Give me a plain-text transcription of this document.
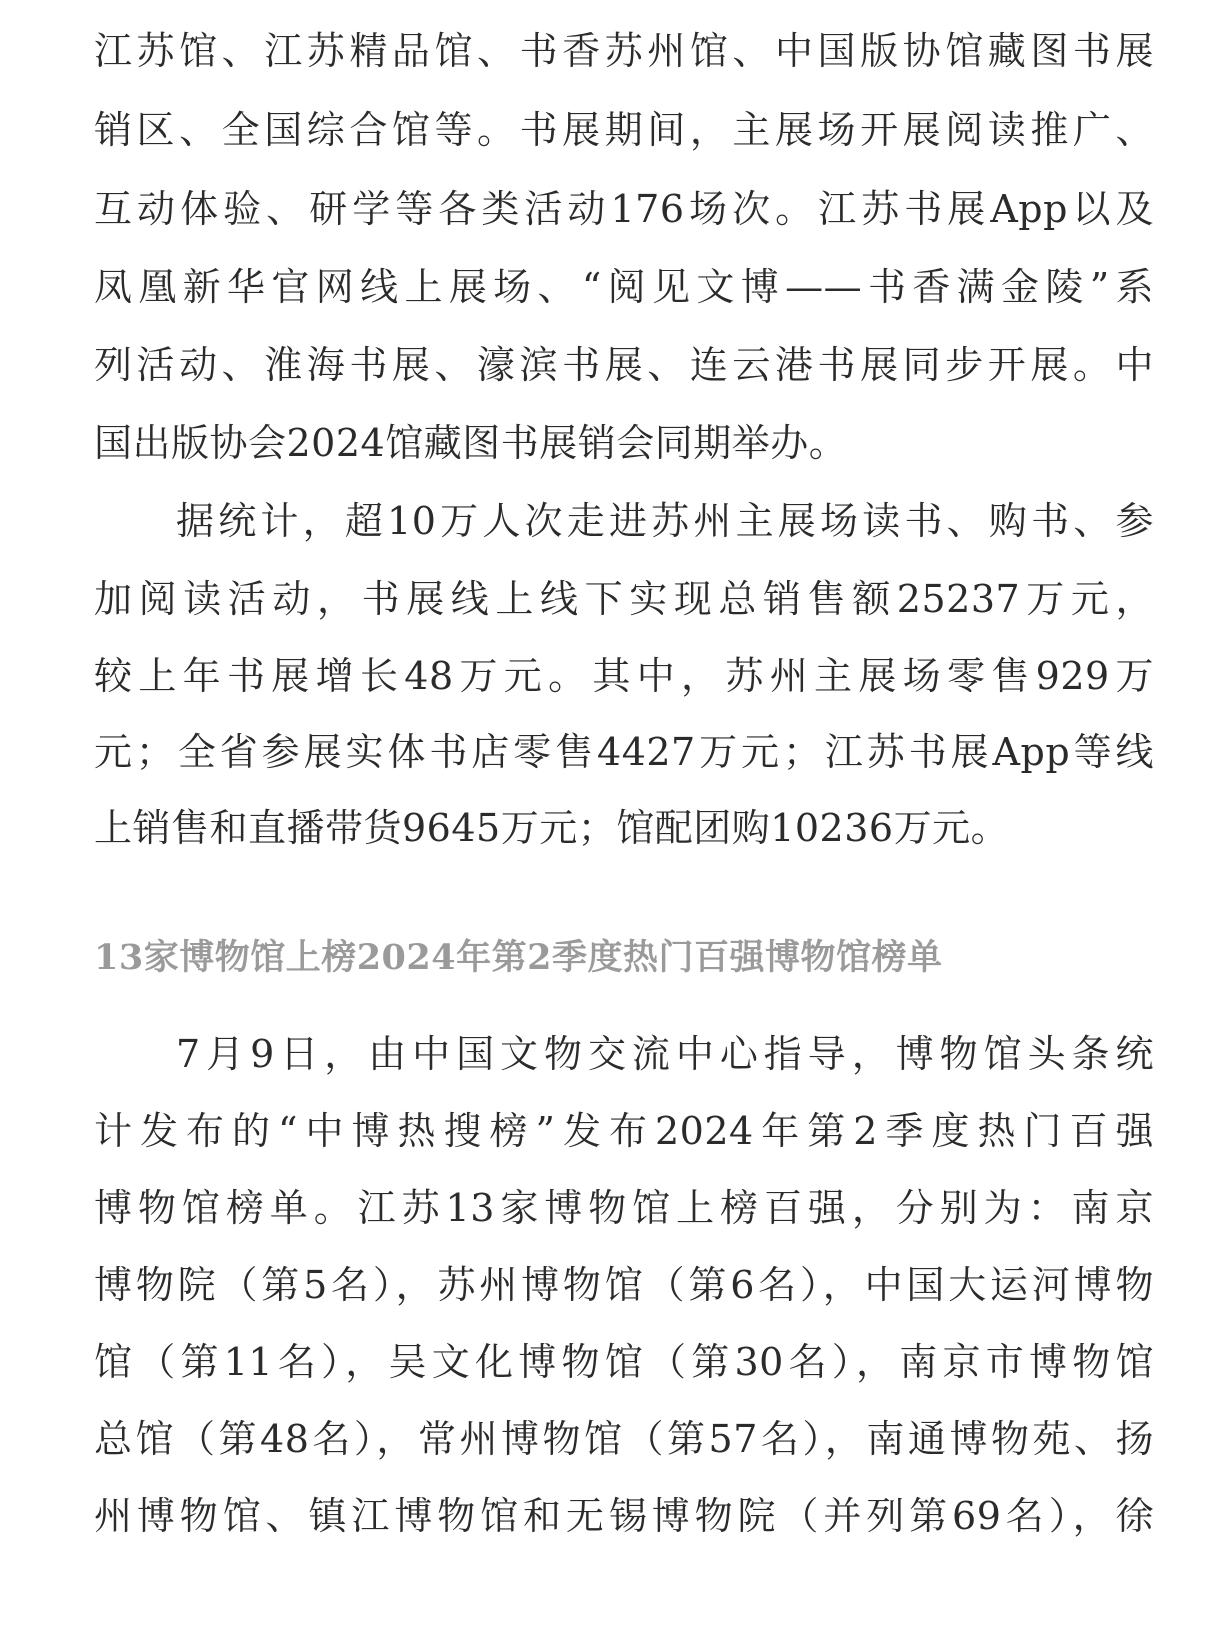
江苏馆、江苏精品馆、书香苏州馆、中国版协馆藏图书展
销区、全国综合馆等。书展期间，主展场开展阅读推广、
互动体验、研学等各类活动176场次。江苏书展App以及
凤凰新华官网线上展场、“阅见文博——书香满金陵”系
列活动、淮海书展、濠滨书展、连云港书展同步开展。中
国出版协会2024馆藏图书展销会同期举办。
据统计，超10万人次走进苏州主展场读书、购书、参
加阅读活动，书展线上线下实现总销售额25237万元，
较上年书展增长48万元。其中，苏州主展场零售929万
元；全省参展实体书店零售4427万元；江苏书展App等线
上销售和直播带货9645万元；馆配团购10236万元。
13家博物馆上榜2024年第2季度热门百强博物馆榜单
7月9日，由中国文物交流中心指导，博物馆头条统
计发布的“中博热搜榜”发布2024年第2季度热门百强
博物馆榜单。江苏13家博物馆上榜百强，分别为：南京
博物院（第5名），苏州博物馆（第6名），中国大运河博物
馆（第11名），吴文化博物馆（第30名），南京市博物馆
总馆（第48名），常州博物馆（第57名），南通博物苑、扬
州博物馆、镇江博物馆和无锡博物院（并列第69名），徐
